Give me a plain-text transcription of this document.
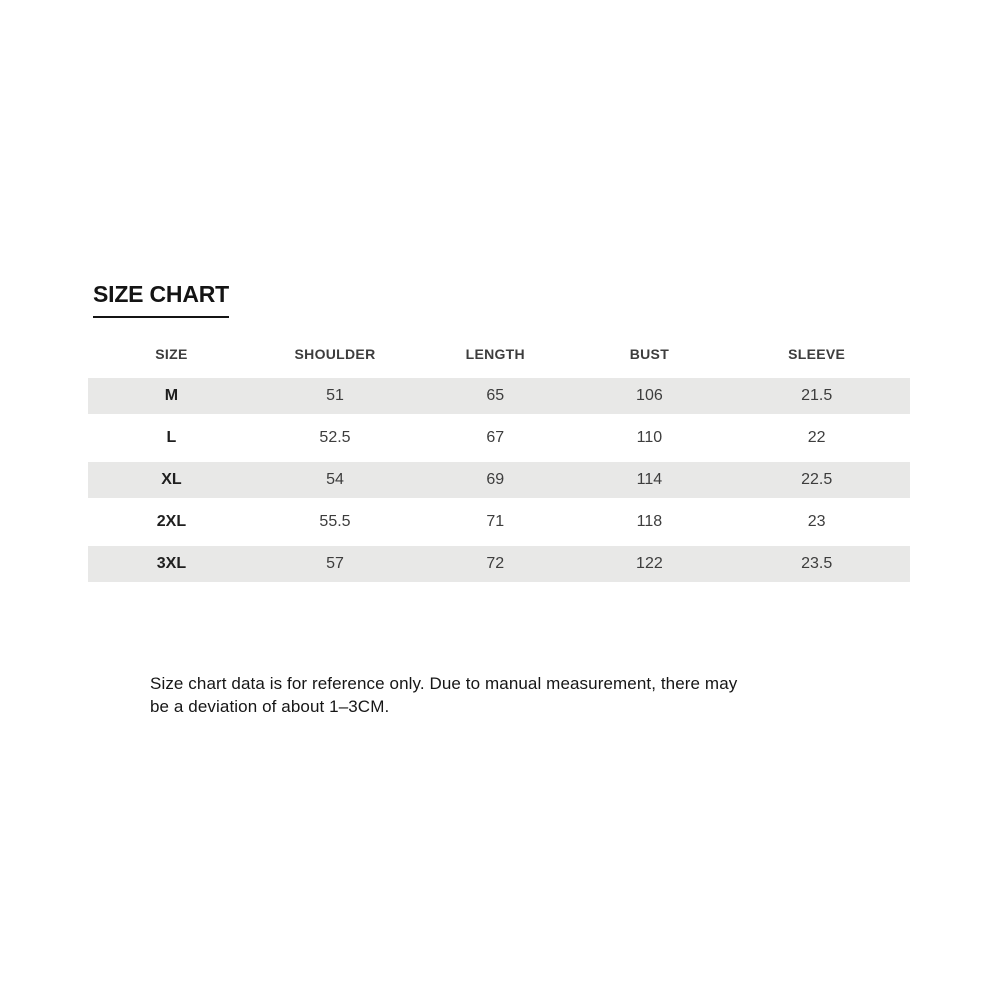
SIZE CHART
SIZE	SHOULDER	LENGTH	BUST	SLEEVE
M	51	65	106	21.5
L	52.5	67	110	22
XL	54	69	114	22.5
2XL	55.5	71	118	23
3XL	57	72	122	23.5
Size chart data is for reference only. Due to manual measurement, there may
be a deviation of about 1–3CM.
